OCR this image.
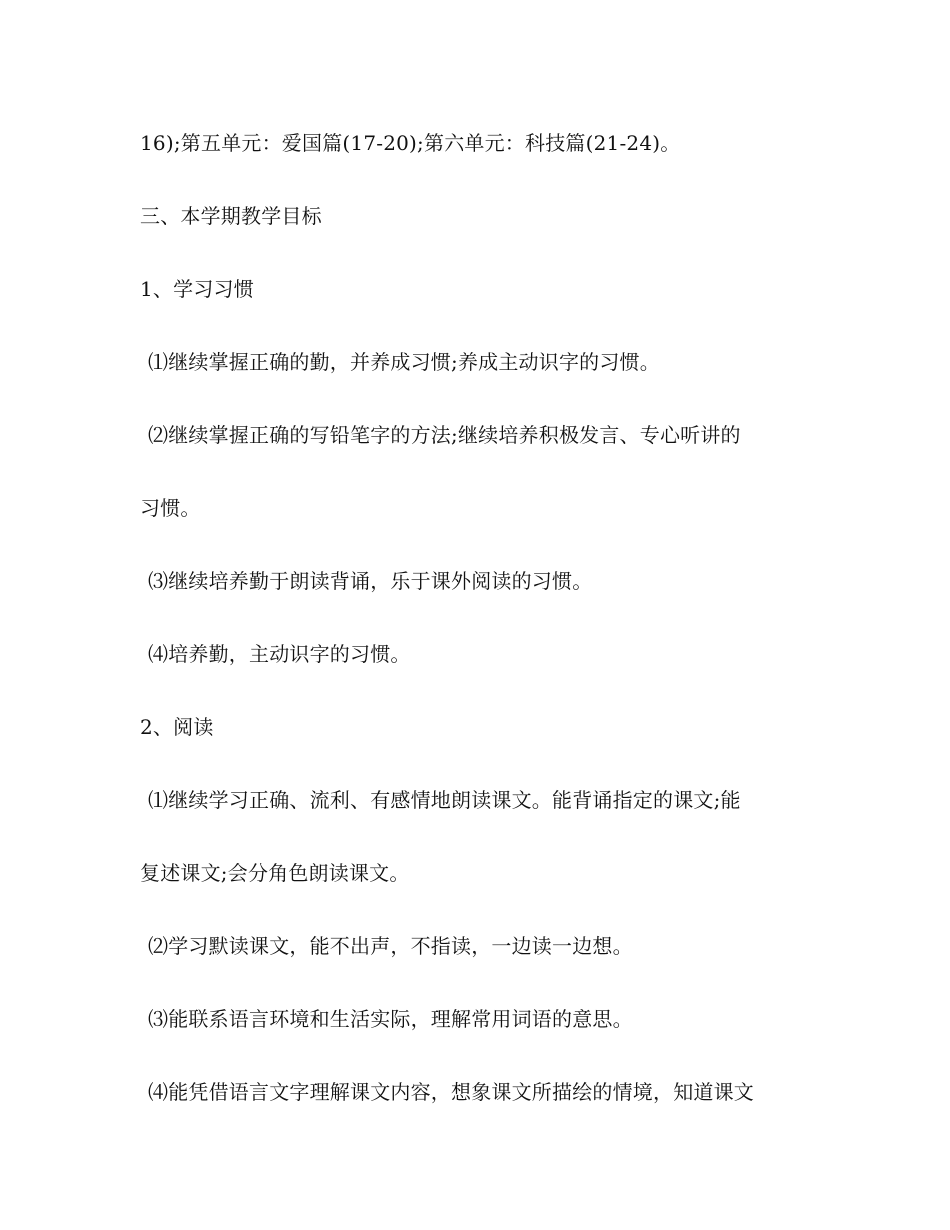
16);第五单元：爱国篇(17-20);第六单元：科技篇(21-24)。
三、本学期教学目标
1、学习习惯
⑴继续掌握正确的勤，并养成习惯;养成主动识字的习惯。
⑵继续掌握正确的写铅笔字的方法;继续培养积极发言、专心听讲的
习惯。
⑶继续培养勤于朗读背诵，乐于课外阅读的习惯。
⑷培养勤，主动识字的习惯。
2、阅读
⑴继续学习正确、流利、有感情地朗读课文。能背诵指定的课文;能
复述课文;会分角色朗读课文。
⑵学习默读课文，能不出声，不指读，一边读一边想。
⑶能联系语言环境和生活实际，理解常用词语的意思。
⑷能凭借语言文字理解课文内容，想象课文所描绘的情境，知道课文
